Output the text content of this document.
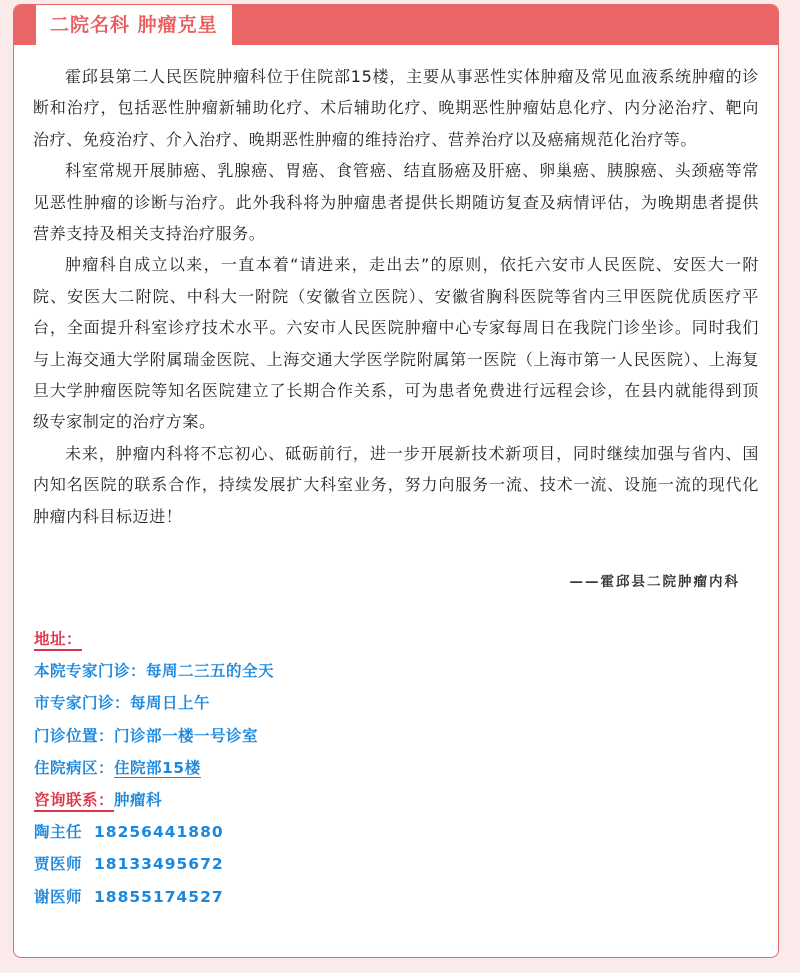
二院名科 肿瘤克星

霍邱县第二人民医院肿瘤科位于住院部15楼，主要从事恶性实体肿瘤及常见血液系统肿瘤的诊断和治疗，包括恶性肿瘤新辅助化疗、术后辅助化疗、晚期恶性肿瘤姑息化疗、内分泌治疗、靶向治疗、免疫治疗、介入治疗、晚期恶性肿瘤的维持治疗、营养治疗以及癌痛规范化治疗等。

科室常规开展肺癌、乳腺癌、胃癌、食管癌、结直肠癌及肝癌、卵巢癌、胰腺癌、头颈癌等常见恶性肿瘤的诊断与治疗。此外我科将为肿瘤患者提供长期随访复查及病情评估，为晚期患者提供营养支持及相关支持治疗服务。

肿瘤科自成立以来，一直本着“请进来，走出去”的原则，依托六安市人民医院、安医大一附院、安医大二附院、中科大一附院（安徽省立医院）、安徽省胸科医院等省内三甲医院优质医疗平台，全面提升科室诊疗技术水平。六安市人民医院肿瘤中心专家每周日在我院门诊坐诊。同时我们与上海交通大学附属瑞金医院、上海交通大学医学院附属第一医院（上海市第一人民医院）、上海复旦大学肿瘤医院等知名医院建立了长期合作关系，可为患者免费进行远程会诊，在县内就能得到顶级专家制定的治疗方案。

未来，肿瘤内科将不忘初心、砥砺前行，进一步开展新技术新项目，同时继续加强与省内、国内知名医院的联系合作，持续发展扩大科室业务，努力向服务一流、技术一流、设施一流的现代化肿瘤内科目标迈进！

——霍邱县二院肿瘤内科
地址：
本院专家门诊：每周二三五的全天
市专家门诊：每周日上午
门诊位置：门诊部一楼一号诊室
住院病区：住院部15楼
咨询联系：肿瘤科
陶主任 18256441880
贾医师 18133495672
谢医师 18855174527
